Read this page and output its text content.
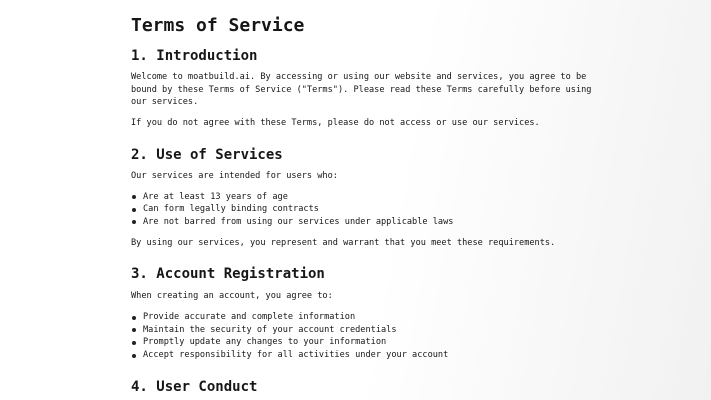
Terms of Service
1. Introduction

Welcome to moatbuild.ai. By accessing or using our website and services, you agree to be bound by these Terms of Service ("Terms"). Please read these Terms carefully before using our services.

If you do not agree with these Terms, please do not access or use our services.

2. Use of Services

Our services are intended for users who:

Are at least 13 years of age
Can form legally binding contracts
Are not barred from using our services under applicable laws

By using our services, you represent and warrant that you meet these requirements.

3. Account Registration

When creating an account, you agree to:

Provide accurate and complete information
Maintain the security of your account credentials
Promptly update any changes to your information
Accept responsibility for all activities under your account
4. User Conduct
